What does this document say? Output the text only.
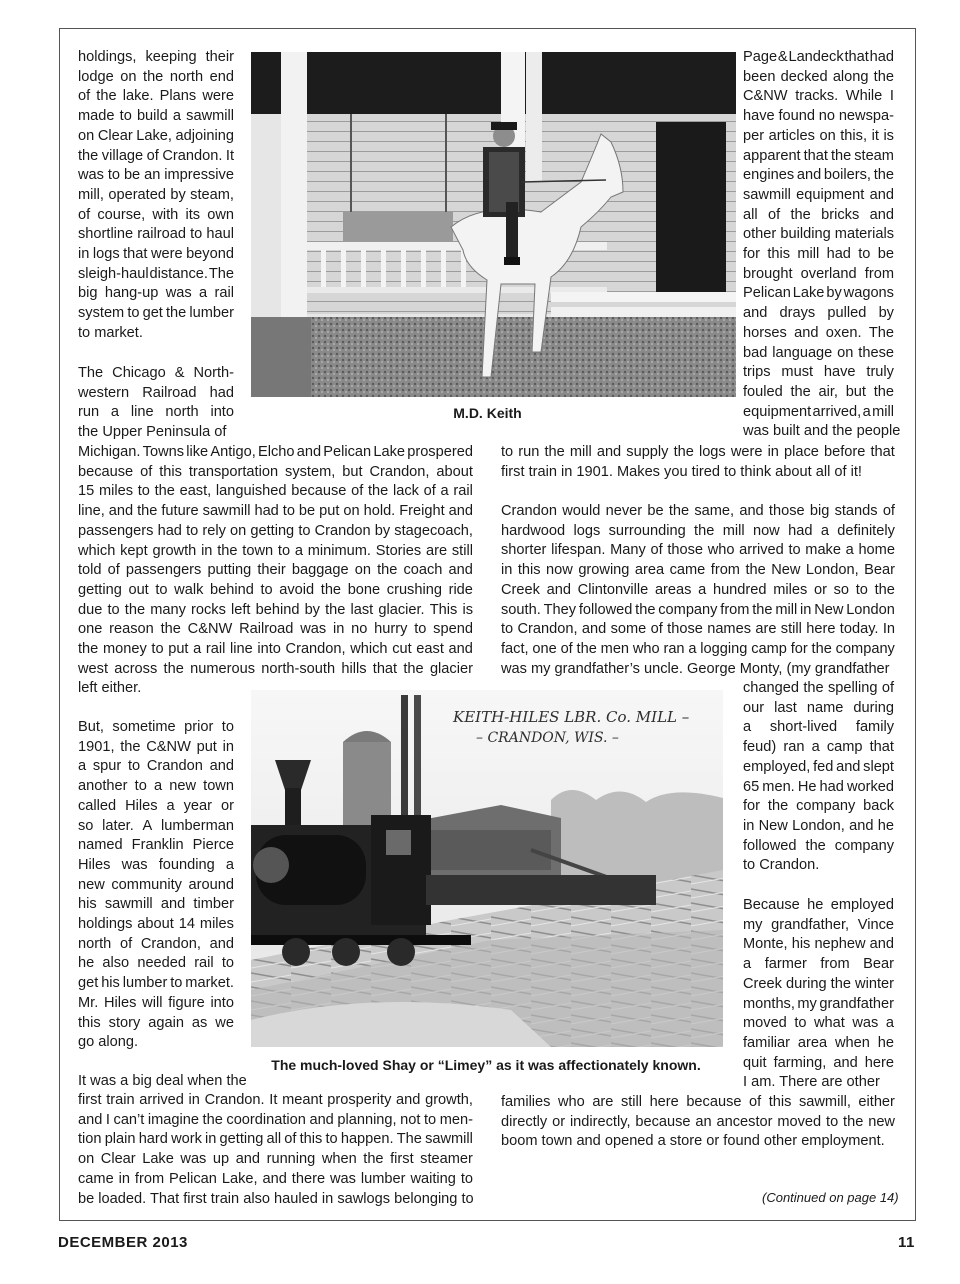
M.D. Keith
KEITH-HILES LBR. Co. MILL –
– CRANDON, WIS. –
The much-loved Shay or “Limey” as it was affectionately known.
holdings, keeping their
lodge on the north end
of the lake. Plans were
made to build a sawmill
on Clear Lake, adjoining
the village of Crandon. It
was to be an impressive
mill, operated by steam,
of course, with its own
shortline railroad to haul
in logs that were beyond
sleigh-haul distance. The
big hang-up was a rail
system to get the lumber
to market.
The Chicago & North-
western Railroad had
run a line north into
the Upper Peninsula of
Michigan. Towns like Antigo, Elcho and Pelican Lake prospered
because of this transportation system, but Crandon, about
15 miles to the east, languished because of the lack of a rail
line, and the future sawmill had to be put on hold. Freight and
passengers had to rely on getting to Crandon by stagecoach,
which kept growth in the town to a minimum. Stories are still
told of passengers putting their baggage on the coach and
getting out to walk behind to avoid the bone crushing ride
due to the many rocks left behind by the last glacier. This is
one reason the C&NW Railroad was in no hurry to spend
the money to put a rail line into Crandon, which cut east and
west across the numerous north-south hills that the glacier
left either.
But, sometime prior to
1901, the C&NW put in
a spur to Crandon and
another to a new town
called Hiles a year or
so later. A lumberman
named Franklin Pierce
Hiles was founding a
new community around
his sawmill and timber
holdings about 14 miles
north of Crandon, and
he also needed rail to
get his lumber to market.
Mr. Hiles will figure into
this story again as we
go along.
It was a big deal when the
first train arrived in Crandon. It meant prosperity and growth,
and I can’t imagine the coordination and planning, not to men-
tion plain hard work in getting all of this to happen. The sawmill
on Clear Lake was up and running when the first steamer
came in from Pelican Lake, and there was lumber waiting to
be loaded. That first train also hauled in sawlogs belonging to
Page & Landeck that had
been decked along the
C&NW tracks. While I
have found no newspa-
per articles on this, it is
apparent that the steam
engines and boilers, the
sawmill equipment and
all of the bricks and
other building materials
for this mill had to be
brought overland from
Pelican Lake by wagons
and drays pulled by
horses and oxen. The
bad language on these
trips must have truly
fouled the air, but the
equipment arrived, a mill
was built and the people
to run the mill and supply the logs were in place before that
first train in 1901. Makes you tired to think about all of it!
Crandon would never be the same, and those big stands of
hardwood logs surrounding the mill now had a definitely
shorter lifespan. Many of those who arrived to make a home
in this now growing area came from the New London, Bear
Creek and Clintonville areas a hundred miles or so to the
south. They followed the company from the mill in New London
to Crandon, and some of those names are still here today. In
fact, one of the men who ran a logging camp for the company
was my grandfather’s uncle. George Monty, (my grandfather
changed the spelling of
our last name during
a short-lived family
feud) ran a camp that
employed, fed and slept
65 men. He had worked
for the company back
in New London, and he
followed the company
to Crandon.
Because he employed
my grandfather, Vince
Monte, his nephew and
a farmer from Bear
Creek during the winter
months, my grandfather
moved to what was a
familiar area when he
quit farming, and here
I am. There are other
families who are still here because of this sawmill, either
directly or indirectly, because an ancestor moved to the new
boom town and opened a store or found other employment.
(Continued on page 14)
DECEMBER 2013	11
